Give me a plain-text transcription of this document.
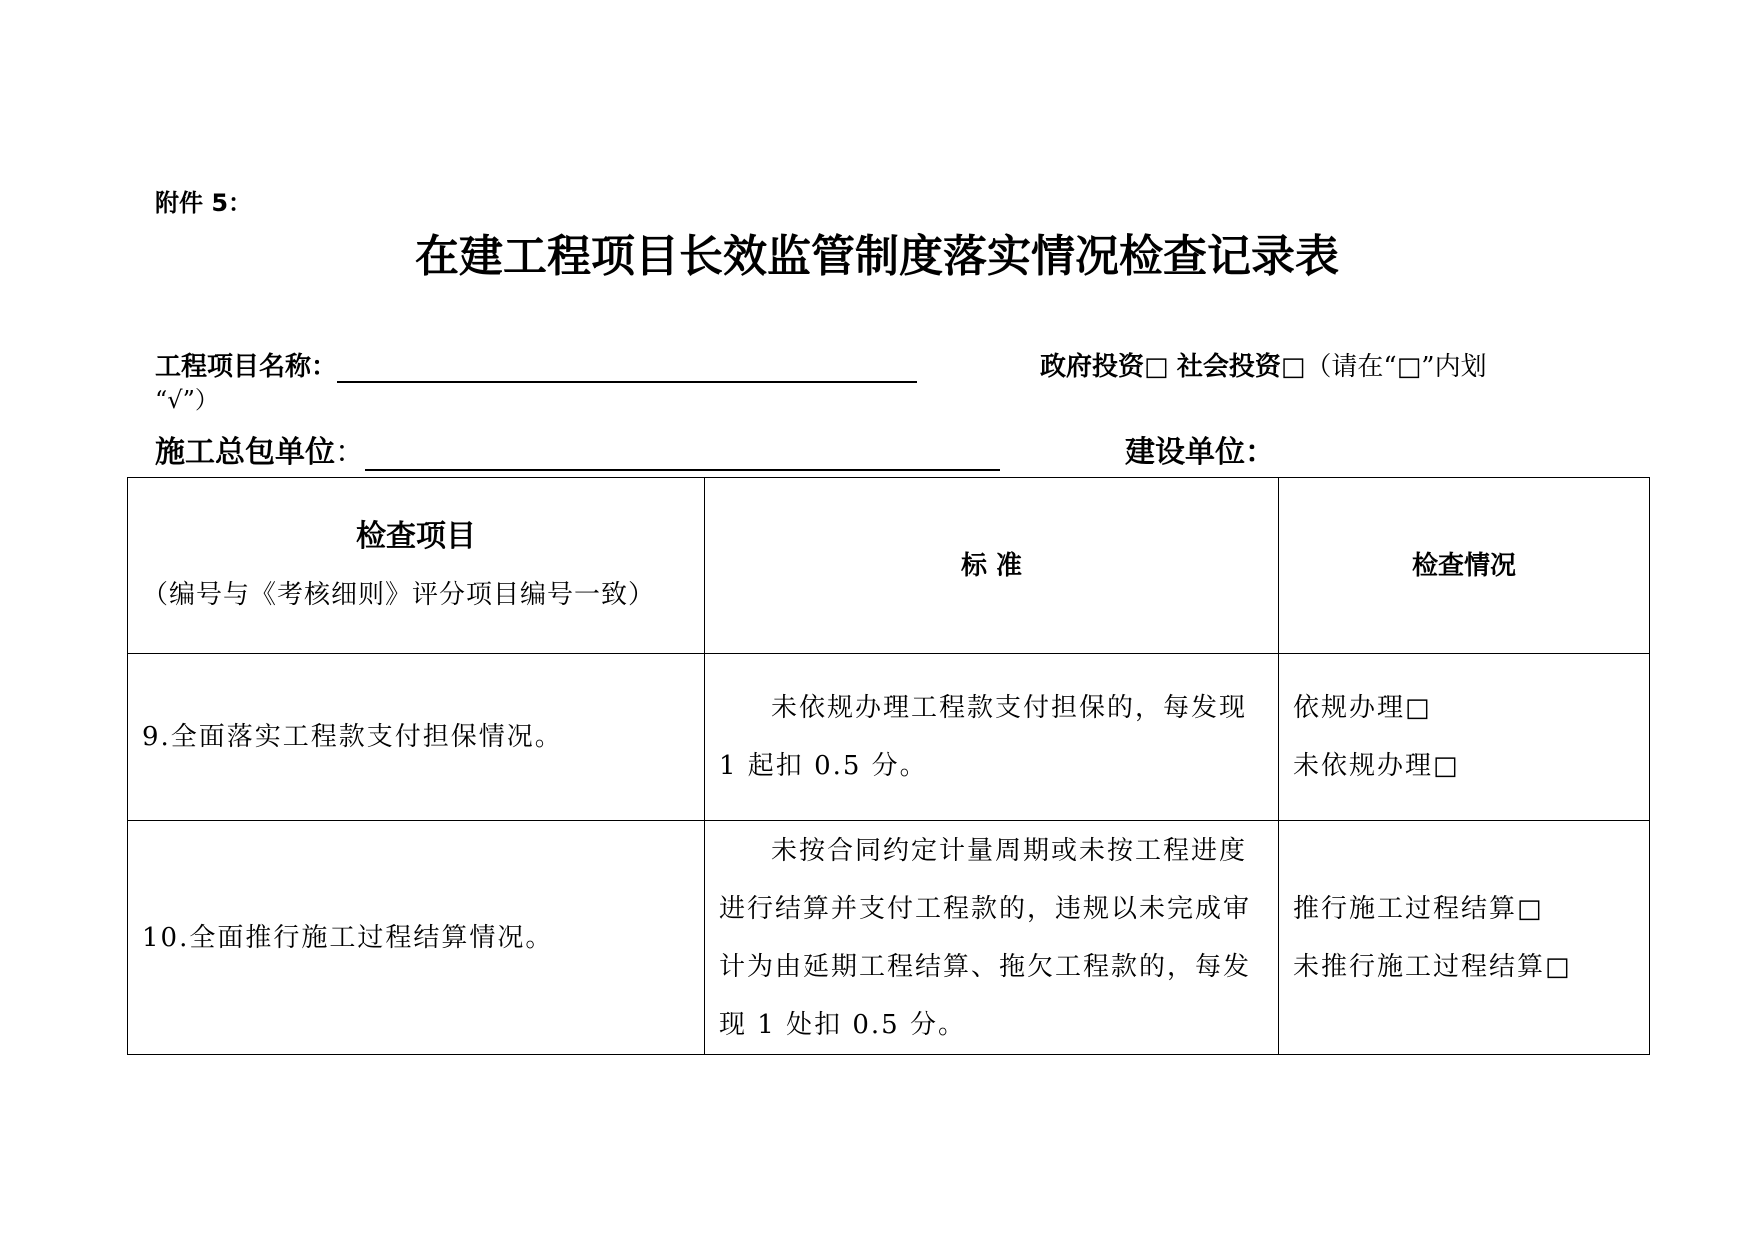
附件 5：
在建工程项目长效监管制度落实情况检查记录表
工程项目名称：	政府投资□ 社会投资□（请在“□”内划
“√”）
施工总包单位：	建设单位：
检查项目
（编号与《考核细则》评分项目编号一致）	标 准	检查情况
9.全面落实工程款支付担保情况。	未依规办理工程款支付担保的，每发现 1 起扣 0.5 分。	依规办理□
未依规办理□

10.全面推行施工过程结算情况。	未按合同约定计量周期或未按工程进度进行结算并支付工程款的，违规以未完成审计为由延期工程结算、拖欠工程款的，每发现 1 处扣 0.5 分。	推行施工过程结算□
未推行施工过程结算□
